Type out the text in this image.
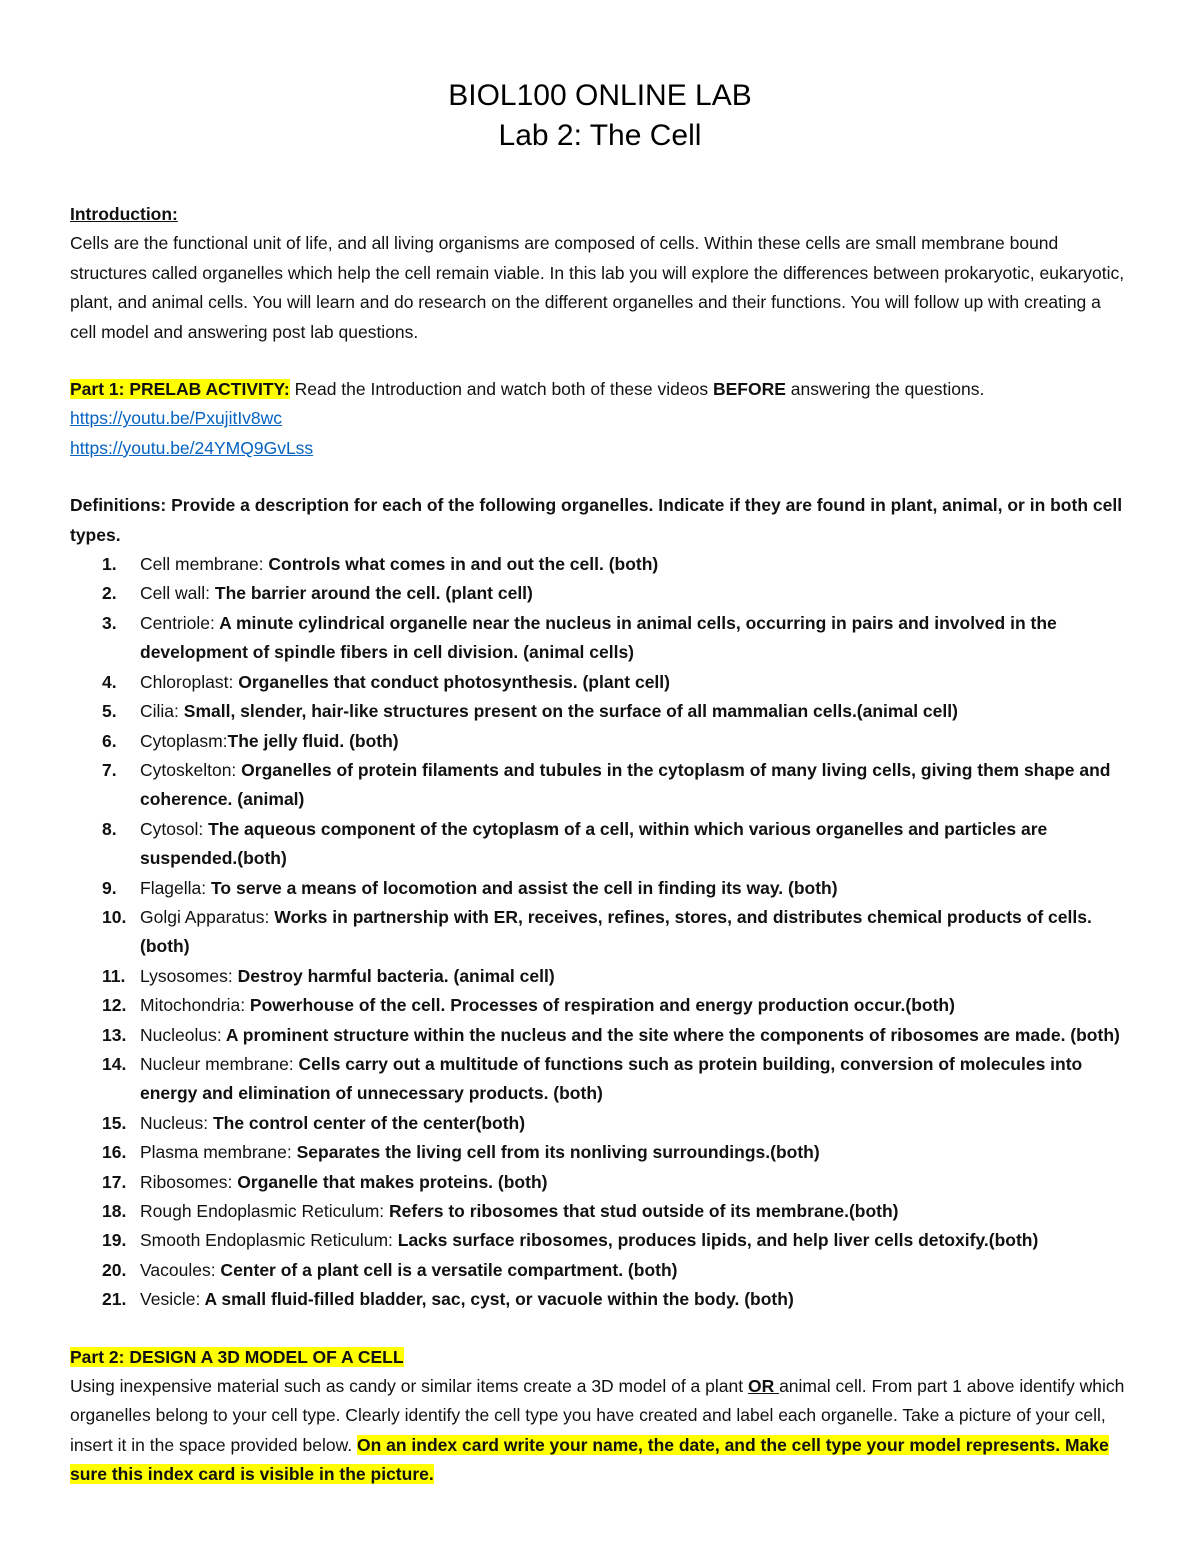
BIOL100 ONLINE LAB
Lab 2: The Cell
Introduction:
Cells are the functional unit of life, and all living organisms are composed of cells. Within these cells are small membrane bound structures called organelles which help the cell remain viable. In this lab you will explore the differences between prokaryotic, eukaryotic, plant, and animal cells. You will learn and do research on the different organelles and their functions. You will follow up with creating a cell model and answering post lab questions.
Part 1: PRELAB ACTIVITY: Read the Introduction and watch both of these videos BEFORE answering the questions.
https://youtu.be/PxujitIv8wc
https://youtu.be/24YMQ9GvLss
Definitions: Provide a description for each of the following organelles. Indicate if they are found in plant, animal, or in both cell types.
1.	Cell membrane: Controls what comes in and out the cell. (both)
2.	Cell wall: The barrier around the cell. (plant cell)
3.	Centriole: A minute cylindrical organelle near the nucleus in animal cells, occurring in pairs and involved in the development of spindle fibers in cell division. (animal cells)
4.	Chloroplast: Organelles that conduct photosynthesis. (plant cell)
5.	Cilia: Small, slender, hair-like structures present on the surface of all mammalian cells.(animal cell)
6.	Cytoplasm:The jelly fluid. (both)
7.	Cytoskelton: Organelles of protein filaments and tubules in the cytoplasm of many living cells, giving them shape and coherence. (animal)
8.	Cytosol: The aqueous component of the cytoplasm of a cell, within which various organelles and particles are suspended.(both)
9.	Flagella: To serve a means of locomotion and assist the cell in finding its way. (both)
10. Golgi Apparatus: Works in partnership with ER, receives, refines, stores, and distributes chemical products of cells. (both)
11. Lysosomes: Destroy harmful bacteria. (animal cell)
12. Mitochondria: Powerhouse of the cell. Processes of respiration and energy production occur.(both)
13. Nucleolus: A prominent structure within the nucleus and the site where the components of ribosomes are made. (both)
14. Nucleur membrane: Cells carry out a multitude of functions such as protein building, conversion of molecules into energy and elimination of unnecessary products. (both)
15. Nucleus: The control center of the center(both)
16. Plasma membrane: Separates the living cell from its nonliving surroundings.(both)
17. Ribosomes: Organelle that makes proteins. (both)
18. Rough Endoplasmic Reticulum: Refers to ribosomes that stud outside of its membrane.(both)
19. Smooth Endoplasmic Reticulum: Lacks surface ribosomes, produces lipids, and help liver cells detoxify.(both)
20. Vacoules: Center of a plant cell is a versatile compartment. (both)
21. Vesicle: A small fluid-filled bladder, sac, cyst, or vacuole within the body. (both)
Part 2: DESIGN A 3D MODEL OF A CELL
Using inexpensive material such as candy or similar items create a 3D model of a plant OR animal cell. From part 1 above identify which organelles belong to your cell type. Clearly identify the cell type you have created and label each organelle. Take a picture of your cell, insert it in the space provided below. On an index card write your name, the date, and the cell type your model represents. Make sure this index card is visible in the picture.
